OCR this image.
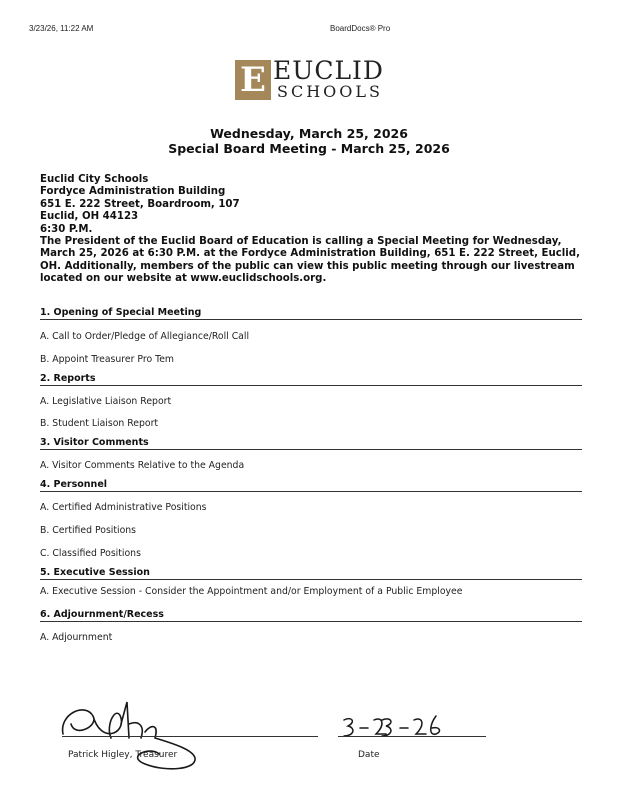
3/23/26, 11:22 AM	BoardDocs® Pro
E EUCLID
SCHOOLS
Wednesday, March 25, 2026
Special Board Meeting - March 25, 2026
Euclid City Schools
Fordyce Administration Building
651 E. 222 Street, Boardroom, 107
Euclid, OH 44123
6:30 P.M.
The President of the Euclid Board of Education is calling a Special Meeting for Wednesday, March 25, 2026 at 6:30 P.M. at the Fordyce Administration Building, 651 E. 222 Street, Euclid, OH. Additionally, members of the public can view this public meeting through our livestream located on our website at www.euclidschools.org.
1. Opening of Special Meeting
A. Call to Order/Pledge of Allegiance/Roll Call
B. Appoint Treasurer Pro Tem
2. Reports
A. Legislative Liaison Report
B. Student Liaison Report
3. Visitor Comments
A. Visitor Comments Relative to the Agenda
4. Personnel
A. Certified Administrative Positions
B. Certified Positions
C. Classified Positions
5. Executive Session
A. Executive Session - Consider the Appointment and/or Employment of a Public Employee
6. Adjournment/Recess
A. Adjournment
Patrick Higley, Treasurer	Date
